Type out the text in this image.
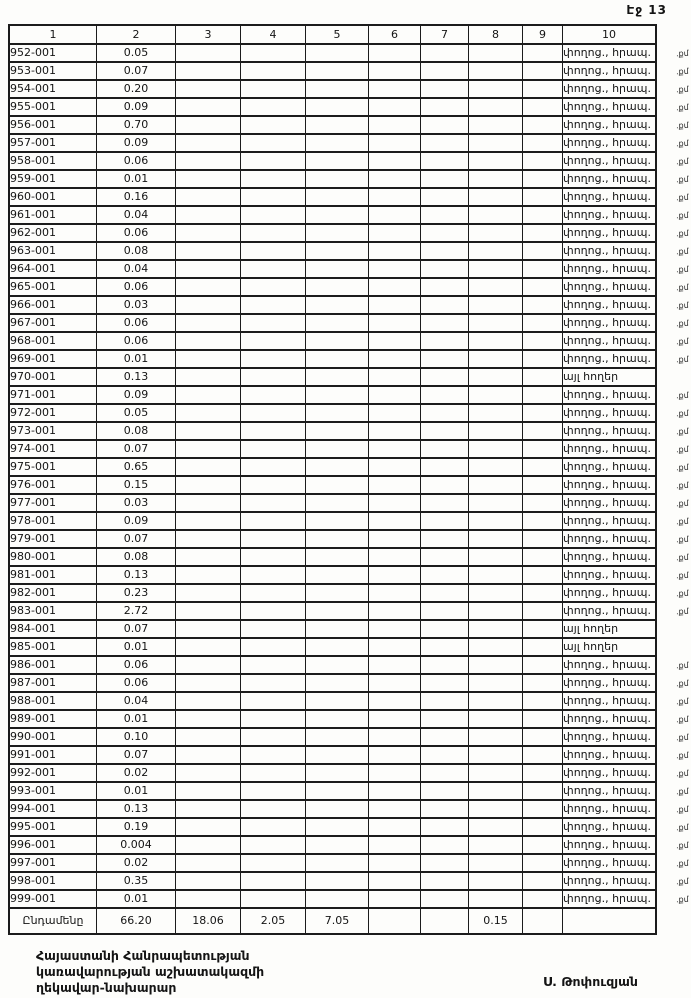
Էջ 13
1	2	3	4	5	6	7	8	9	10
952-001	0.05								փողոց., հրապ.
953-001	0.07								փողոց., հրապ.
954-001	0.20								փողոց., հրապ.
955-001	0.09								փողոց., հրապ.
956-001	0.70								փողոց., հրապ.
957-001	0.09								փողոց., հրապ.
958-001	0.06								փողոց., հրապ.
959-001	0.01								փողոց., հրապ.
960-001	0.16								փողոց., հրապ.
961-001	0.04								փողոց., հրապ.
962-001	0.06								փողոց., հրապ.
963-001	0.08								փողոց., հրապ.
964-001	0.04								փողոց., հրապ.
965-001	0.06								փողոց., հրապ.
966-001	0.03								փողոց., հրապ.
967-001	0.06								փողոց., հրապ.
968-001	0.06								փողոց., հրապ.
969-001	0.01								փողոց., հրապ.
970-001	0.13								այլ հողեր
971-001	0.09								փողոց., հրապ.
972-001	0.05								փողոց., հրապ.
973-001	0.08								փողոց., հրապ.
974-001	0.07								փողոց., հրապ.
975-001	0.65								փողոց., հրապ.
976-001	0.15								փողոց., հրապ.
977-001	0.03								փողոց., հրապ.
978-001	0.09								փողոց., հրապ.
979-001	0.07								փողոց., հրապ.
980-001	0.08								փողոց., հրապ.
981-001	0.13								փողոց., հրապ.
982-001	0.23								փողոց., հրապ.
983-001	2.72								փողոց., հրապ.
984-001	0.07								այլ հողեր
985-001	0.01								այլ հողեր
986-001	0.06								փողոց., հրապ.
987-001	0.06								փողոց., հրապ.
988-001	0.04								փողոց., հրապ.
989-001	0.01								փողոց., հրապ.
990-001	0.10								փողոց., հրապ.
991-001	0.07								փողոց., հրապ.
992-001	0.02								փողոց., հրապ.
993-001	0.01								փողոց., հրապ.
994-001	0.13								փողոց., հրապ.
995-001	0.19								փողոց., հրապ.
996-001	0.004								փողոց., հրապ.
997-001	0.02								փողոց., հրապ.
998-001	0.35								փողոց., հրապ.
999-001	0.01								փողոց., հրապ.
Ընդամենը	66.20	18.06	2.05	7.05			0.15		
.քմ
.քմ
.քմ
.քմ
.քմ
.քմ
.քմ
.քմ
.քմ
.քմ
.քմ
.քմ
.քմ
.քմ
.քմ
.քմ
.քմ
.քմ
.քմ
.քմ
.քմ
.քմ
.քմ
.քմ
.քմ
.քմ
.քմ
.քմ
.քմ
.քմ
.քմ
.քմ
.քմ
.քմ
.քմ
.քմ
.քմ
.քմ
.քմ
.քմ
.քմ
.քմ
.քմ
.քմ
.քմ
Հայաստանի Հանրապետության
կառավարության աշխատակազմի
ղեկավար-նախարար	Ս. Թոփուզյան
